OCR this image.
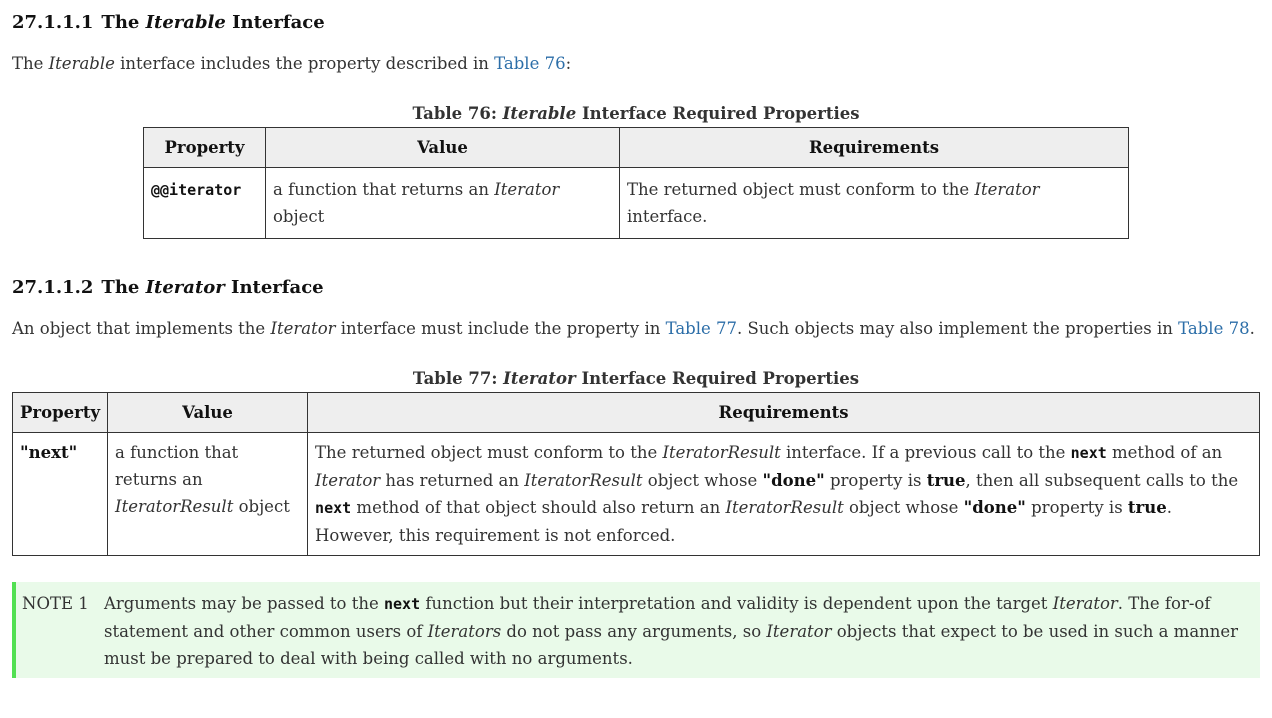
27.1.1.1 The Iterable Interface

The Iterable interface includes the property described in Table 76:

Table 76: Iterable Interface Required Properties
Property	Value	Requirements
@@iterator	a function that returns an Iterator object	The returned object must conform to the Iterator interface.
27.1.1.2 The Iterator Interface

An object that implements the Iterator interface must include the property in Table 77. Such objects may also implement the properties in Table 78.

Table 77: Iterator Interface Required Properties
Property	Value	Requirements
"next"	a function that returns an IteratorResult object	The returned object must conform to the IteratorResult interface. If a previous call to the next method of an Iterator has returned an IteratorResult object whose "done" property is true, then all subsequent calls to the next method of that object should also return an IteratorResult object whose "done" property is true. However, this requirement is not enforced.
NOTE 1 Arguments may be passed to the next function but their interpretation and validity is dependent upon the target Iterator. The for-of statement and other common users of Iterators do not pass any arguments, so Iterator objects that expect to be used in such a manner must be prepared to deal with being called with no arguments.
